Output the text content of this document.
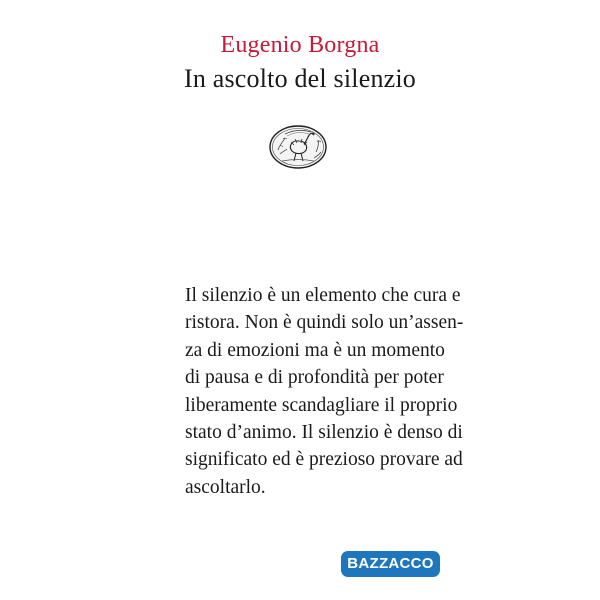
Eugenio Borgna
In ascolto del silenzio

Il silenzio è un elemento che cura e
ristora. Non è quindi solo un’assen-
za di emozioni ma è un momento
di pausa e di profondità per poter
liberamente scandagliare il proprio
stato d’animo. Il silenzio è denso di
significato ed è prezioso provare ad
ascoltarlo.

BAZZACCO
